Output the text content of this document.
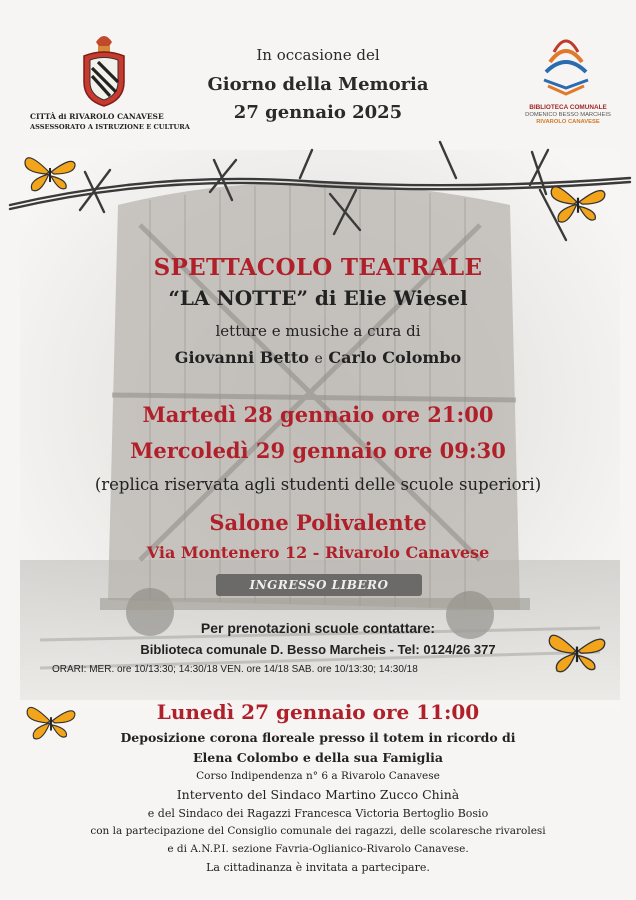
CITTÀ di RIVAROLO CANAVESE
ASSESSORATO A ISTRUZIONE E CULTURA
BIBLIOTECA COMUNALE
DOMENICO BESSO MARCHEIS
RIVAROLO CANAVESE
In occasione del
Giorno della Memoria
27 gennaio 2025
SPETTACOLO TEATRALE
“LA NOTTE” di Elie Wiesel
letture e musiche a cura di
Giovanni Betto e Carlo Colombo
Martedì 28 gennaio ore 21:00
Mercoledì 29 gennaio ore 09:30
(replica riservata agli studenti delle scuole superiori)
Salone Polivalente
Via Montenero 12 - Rivarolo Canavese
INGRESSO LIBERO
Per prenotazioni scuole contattare:
Biblioteca comunale D. Besso Marcheis - Tel: 0124/26 377
ORARI: MER. ore 10/13:30; 14:30/18 VEN. ore 14/18 SAB. ore 10/13:30; 14:30/18
Lunedì 27 gennaio ore 11:00
Deposizione corona floreale presso il totem in ricordo di
Elena Colombo e della sua Famiglia
Corso Indipendenza n° 6 a Rivarolo Canavese
Intervento del Sindaco Martino Zucco Chinà
e del Sindaco dei Ragazzi Francesca Victoria Bertoglio Bosio
con la partecipazione del Consiglio comunale dei ragazzi, delle scolaresche rivarolesi
e di A.N.P.I. sezione Favria-Oglianico-Rivarolo Canavese.
La cittadinanza è invitata a partecipare.
